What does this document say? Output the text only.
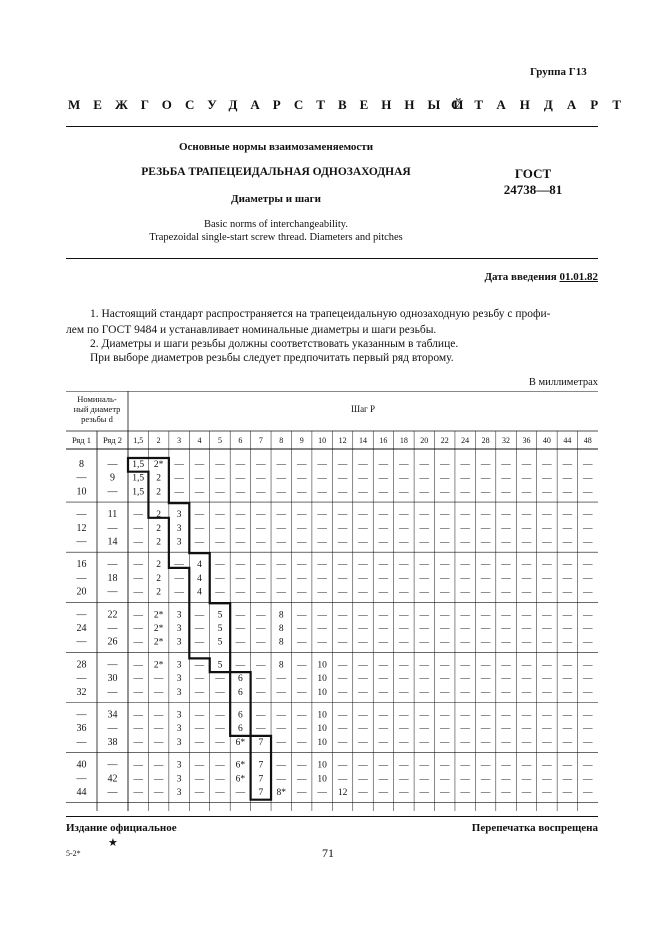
Группа Г13
МЕЖГОСУДАРСТВЕННЫЙ
СТАНДАРТ
Основные нормы взаимозаменяемости
РЕЗЬБА ТРАПЕЦЕИДАЛЬНАЯ ОДНОЗАХОДНАЯ
Диаметры и шаги
Basic norms of interchangeability.
Trapezoidal single-start screw thread. Diameters and pitches
ГОСТ
24738—81
Дата введения 01.01.82
1. Настоящий стандарт распространяется на трапецеидальную однозаходную резьбу с профи-
лем по ГОСТ 9484 и устанавливает номинальные диаметры и шаги резьбы.
2. Диаметры и шаги резьбы должны соответствовать указанным в таблице.
При выборе диаметров резьбы следует предпочитать первый ряд второму.
В миллиметрах
Номиналь-
ный диаметр
резьбы d
Шаг P
Ряд 1 Ряд 2 1,5 2 3 4 5 6 7 8 9 10 12 14 16 18 20 22 24 28 32 36 40 44 48
8 — 1,5 2* — — — — — — — — — — — — — — — — — — — — —
— 9 1,5 2 — — — — — — — — — — — — — — — — — — — — —
10 — 1,5 2 — — — — — — — — — — — — — — — — — — — — —
— 11 — 2 3 — — — — — — — — — — — — — — — — — — — —
12 — — 2 3 — — — — — — — — — — — — — — — — — — — —
— 14 — 2 3 — — — — — — — — — — — — — — — — — — — —
16 — — 2 — 4 — — — — — — — — — — — — — — — — — — —
— 18 — 2 — 4 — — — — — — — — — — — — — — — — — — —
20 — — 2 — 4 — — — — — — — — — — — — — — — — — — —
— 22 — 2* 3 — 5 — — 8 — — — — — — — — — — — — — — —
24 — — 2* 3 — 5 — — 8 — — — — — — — — — — — — — — —
— 26 — 2* 3 — 5 — — 8 — — — — — — — — — — — — — — —
28 — — 2* 3 — 5 — — 8 — 10 — — — — — — — — — — — — —
— 30 — — 3 — — 6 — — — 10 — — — — — — — — — — — — —
32 — — — 3 — — 6 — — — 10 — — — — — — — — — — — — —
— 34 — — 3 — — 6 — — — 10 — — — — — — — — — — — — —
36 — — — 3 — — 6 — — — 10 — — — — — — — — — — — — —
— 38 — — 3 — — 6* 7 — — 10 — — — — — — — — — — — — —
40 — — — 3 — — 6* 7 — — 10 — — — — — — — — — — — — —
— 42 — — 3 — — 6* 7 — — 10 — — — — — — — — — — — — —
44 — — — 3 — — — 7 8* — — 12 — — — — — — — — — — — —
Издание официальное
★
Перепечатка воспрещена
71
5-2*
